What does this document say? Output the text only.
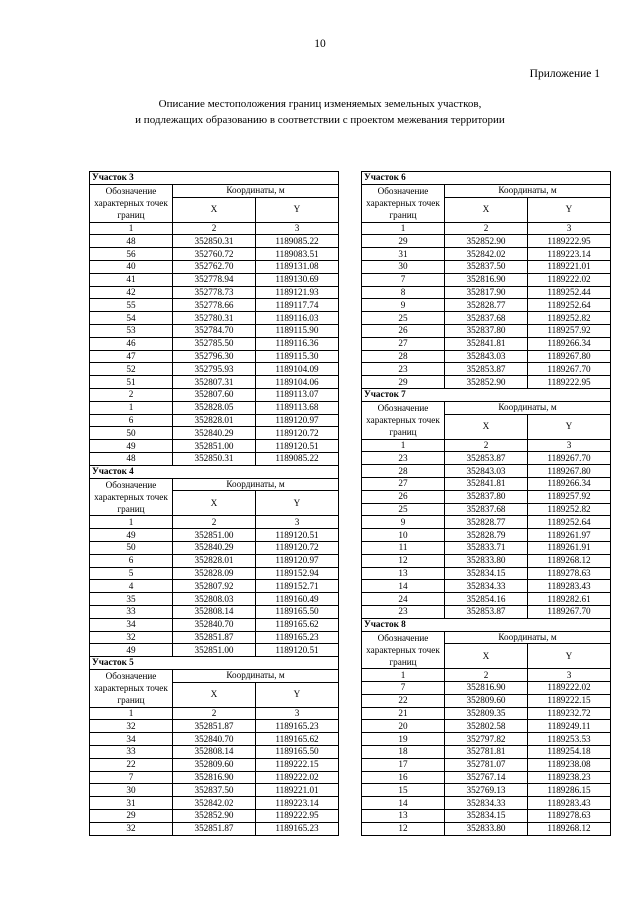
10
Приложение 1
Описание местоположения границ изменяемых земельных участков,
и подлежащих образованию в соответствии с проектом межевания территории
Участок 3		
Обозначение характерных точек границ	Координаты, м	
	X	Y
1	2	3
48	352850.31	1189085.22
56	352760.72	1189083.51
40	352762.70	1189131.08
41	352778.94	1189130.69
42	352778.73	1189121.93
55	352778.66	1189117.74
54	352780.31	1189116.03
53	352784.70	1189115.90
46	352785.50	1189116.36
47	352796.30	1189115.30
52	352795.93	1189104.09
51	352807.31	1189104.06
2	352807.60	1189113.07
1	352828.05	1189113.68
6	352828.01	1189120.97
50	352840.29	1189120.72
49	352851.00	1189120.51
48	352850.31	1189085.22
Участок 4		
Обозначение характерных точек границ	Координаты, м	
	X	Y
1	2	3
49	352851.00	1189120.51
50	352840.29	1189120.72
6	352828.01	1189120.97
5	352828.09	1189152.94
4	352807.92	1189152.71
35	352808.03	1189160.49
33	352808.14	1189165.50
34	352840.70	1189165.62
32	352851.87	1189165.23
49	352851.00	1189120.51
Участок 5		
Обозначение характерных точек границ	Координаты, м	
	X	Y
1	2	3
32	352851.87	1189165.23
34	352840.70	1189165.62
33	352808.14	1189165.50
22	352809.60	1189222.15
7	352816.90	1189222.02
30	352837.50	1189221.01
31	352842.02	1189223.14
29	352852.90	1189222.95
32	352851.87	1189165.23
Участок 6		
Обозначение характерных точек границ	Координаты, м	
	X	Y
1	2	3
29	352852.90	1189222.95
31	352842.02	1189223.14
30	352837.50	1189221.01
7	352816.90	1189222.02
8	352817.90	1189252.44
9	352828.77	1189252.64
25	352837.68	1189252.82
26	352837.80	1189257.92
27	352841.81	1189266.34
28	352843.03	1189267.80
23	352853.87	1189267.70
29	352852.90	1189222.95
Участок 7		
Обозначение характерных точек границ	Координаты, м	
	X	Y
1	2	3
23	352853.87	1189267.70
28	352843.03	1189267.80
27	352841.81	1189266.34
26	352837.80	1189257.92
25	352837.68	1189252.82
9	352828.77	1189252.64
10	352828.79	1189261.97
11	352833.71	1189261.91
12	352833.80	1189268.12
13	352834.15	1189278.63
14	352834.33	1189283.43
24	352854.16	1189282.61
23	352853.87	1189267.70
Участок 8		
Обозначение характерных точек границ	Координаты, м	
	X	Y
1	2	3
7	352816.90	1189222.02
22	352809.60	1189222.15
21	352809.35	1189232.72
20	352802.58	1189249.11
19	352797.82	1189253.53
18	352781.81	1189254.18
17	352781.07	1189238.08
16	352767.14	1189238.23
15	352769.13	1189286.15
14	352834.33	1189283.43
13	352834.15	1189278.63
12	352833.80	1189268.12
